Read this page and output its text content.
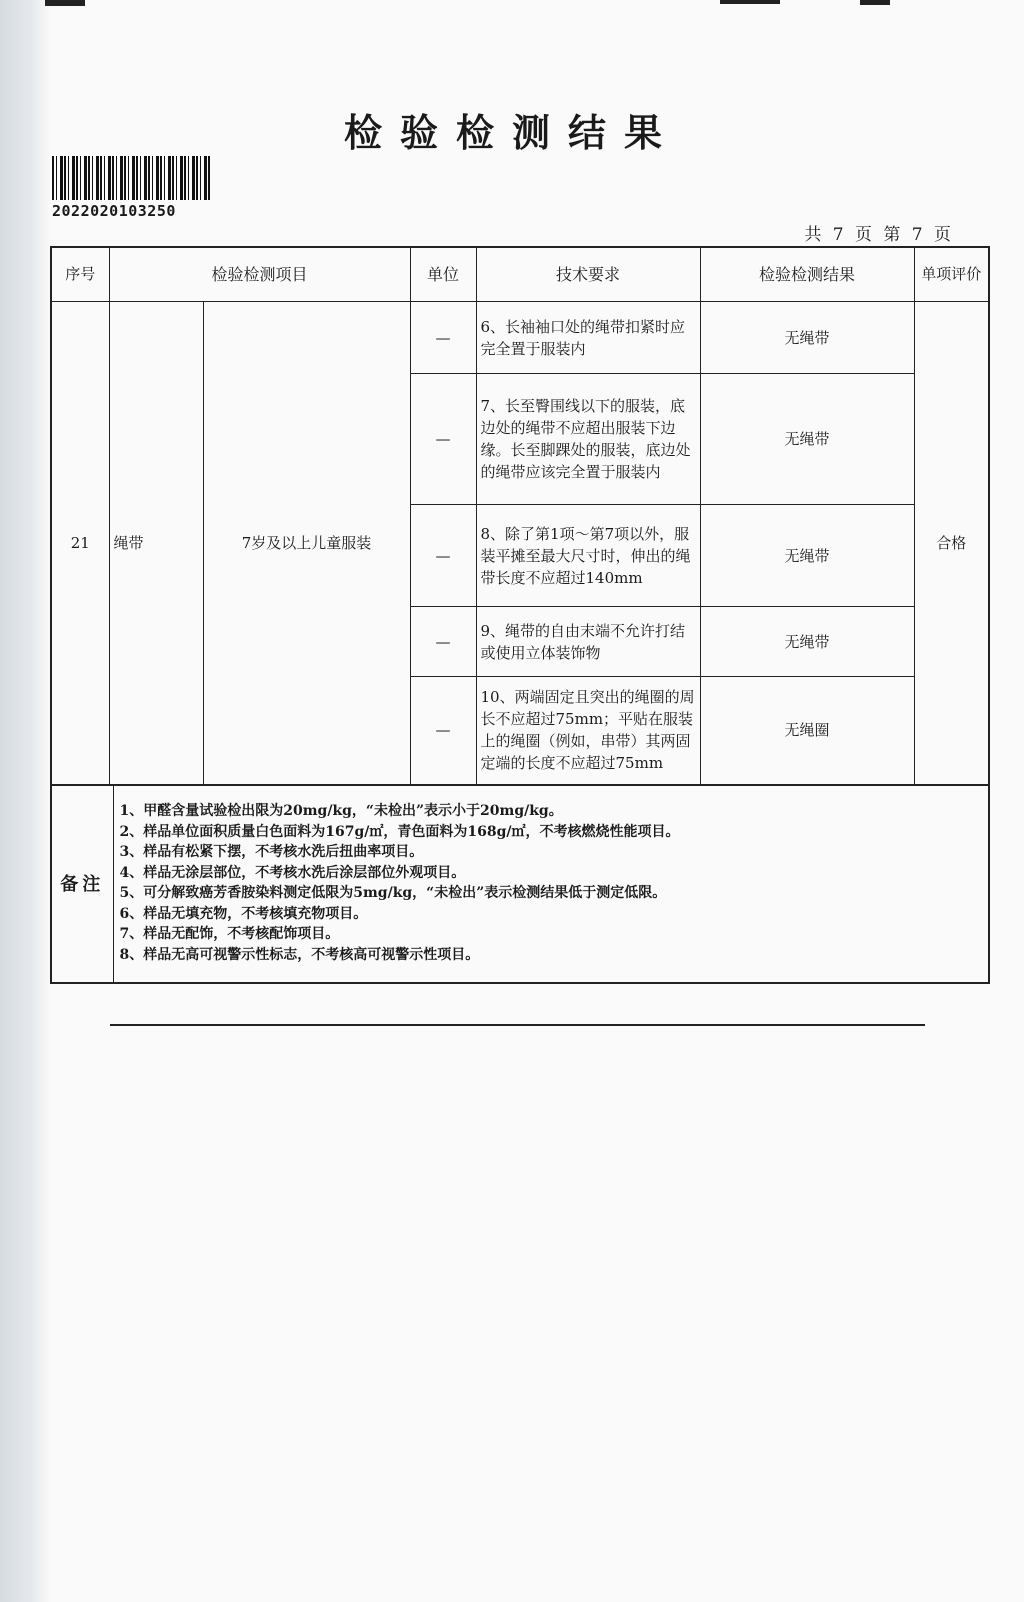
检验检测结果
2022020103250
共 7 页 第 7 页
序号	检验检测项目		单位	技术要求	检验检测结果	单项评价
21	绳带	7岁及以上儿童服装	—	6、长袖袖口处的绳带扣紧时应完全置于服装内	无绳带	合格
			—	7、长至臀围线以下的服装，底边处的绳带不应超出服装下边缘。长至脚踝处的服装，底边处的绳带应该完全置于服装内	无绳带	
			—	8、除了第1项～第7项以外，服装平摊至最大尺寸时，伸出的绳带长度不应超过140mm	无绳带	
			—	9、绳带的自由末端不允许打结或使用立体装饰物	无绳带	
			—	10、两端固定且突出的绳圈的周长不应超过75mm；平贴在服装上的绳圈（例如，串带）其两固定端的长度不应超过75mm	无绳圈	
备注	
1、甲醛含量试验检出限为20mg/kg，“未检出”表示小于20mg/kg。
2、样品单位面积质量白色面料为167g/㎡，青色面料为168g/㎡，不考核燃烧性能项目。
3、样品有松紧下摆，不考核水洗后扭曲率项目。
4、样品无涂层部位，不考核水洗后涂层部位外观项目。
5、可分解致癌芳香胺染料测定低限为5mg/kg，“未检出”表示检测结果低于测定低限。
6、样品无填充物，不考核填充物项目。
7、样品无配饰，不考核配饰项目。
8、样品无高可视警示性标志，不考核高可视警示性项目。
